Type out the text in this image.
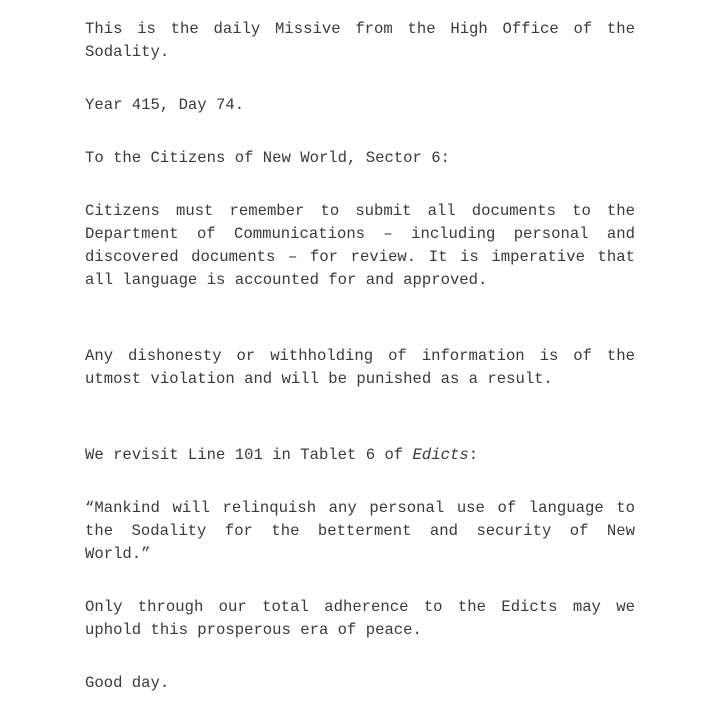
This is the daily Missive from the High Office of the Sodality.

Year 415, Day 74.

To the Citizens of New World, Sector 6:

Citizens must remember to submit all documents to the Department of Communications – including personal and discovered documents – for review. It is imperative that all language is accounted for and approved.

Any dishonesty or withholding of information is of the utmost violation and will be punished as a result.

We revisit Line 101 in Tablet 6 of Edicts:

“Mankind will relinquish any personal use of language to the Sodality for the betterment and security of New World.”

Only through our total adherence to the Edicts may we uphold this prosperous era of peace.

Good day.
